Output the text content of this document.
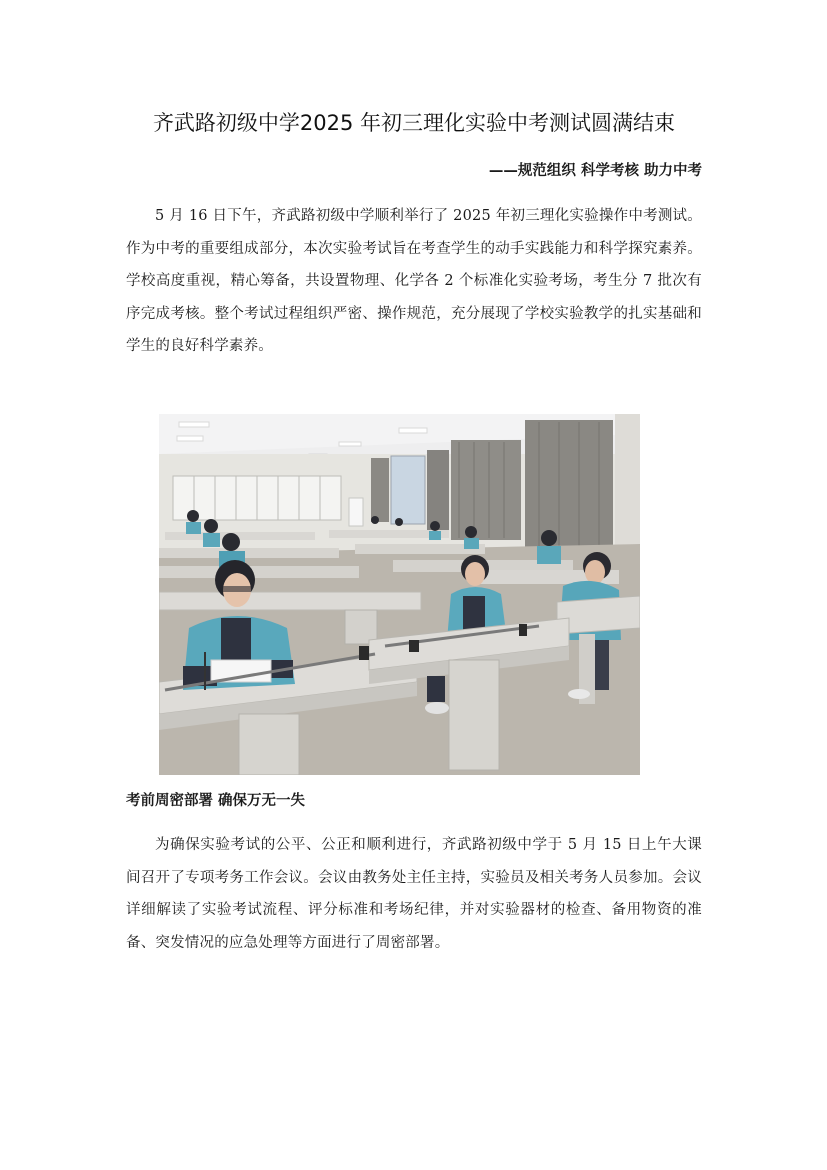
齐武路初级中学2025 年初三理化实验中考测试圆满结束
——规范组织 科学考核 助力中考

5 月 16 日下午，齐武路初级中学顺利举行了 2025 年初三理化实验操作中考测试。作为中考的重要组成部分，本次实验考试旨在考查学生的动手实践能力和科学探究素养。学校高度重视，精心筹备，共设置物理、化学各 2 个标准化实验考场，考生分 7 批次有序完成考核。整个考试过程组织严密、操作规范，充分展现了学校实验教学的扎实基础和学生的良好科学素养。

考前周密部署 确保万无一失

为确保实验考试的公平、公正和顺利进行，齐武路初级中学于 5 月 15 日上午大课间召开了专项考务工作会议。会议由教务处主任主持，实验员及相关考务人员参加。会议详细解读了实验考试流程、评分标准和考场纪律，并对实验器材的检查、备用物资的准备、突发情况的应急处理等方面进行了周密部署。
